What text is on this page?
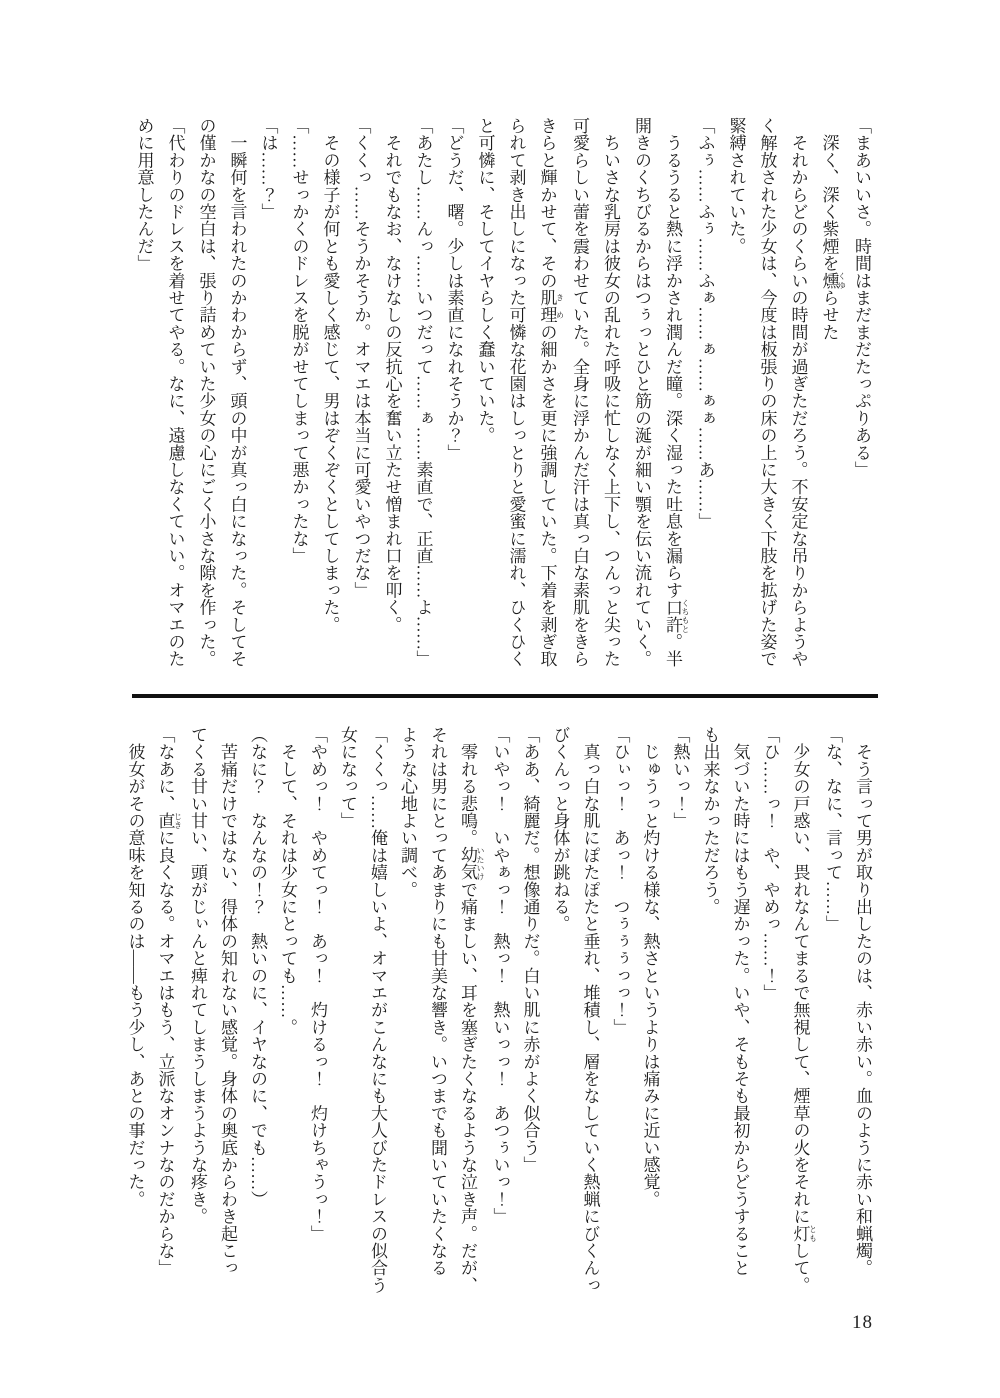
「まあいいさ。時間はまだまだたっぷりある」

　深く、深く紫煙を燻 くゆらせた

　それからどのくらいの時間が過ぎただろう。不安定な吊りからようや

く解放された少女は、今度は板張りの床の上に大きく下肢を拡げた姿で

緊縛されていた。

「ふぅ……ふぅ……ふぁ……ぁ……ぁぁ……あ……」

　うるうると熱に浮かされ潤んだ瞳。深く湿った吐息を漏らす口許 くちもと。半

開きのくちびるからはつぅっとひと筋の涎が細い顎を伝い流れていく。

　ちいさな乳房は彼女の乱れた呼吸に忙しなく上下し、つんっと尖った

可愛らしい蕾を震わせていた。全身に浮かんだ汗は真っ白な素肌をきら

きらと輝かせて、その肌理 きめの細かさを更に強調していた。下着を剥ぎ取

られて剥き出しになった可憐な花園はしっとりと愛蜜に濡れ、ひくひく

と可憐に、そしてイヤらしく蠢いていた。

「どうだ、曙。少しは素直になれそうか？」

「あたし……んっ……いつだって……ぁ……素直で、正直……よ……」

　それでもなお、なけなしの反抗心を奮い立たせ憎まれ口を叩く。

「くくっ……そうかそうか。オマエは本当に可愛いやつだな」

　その様子が何とも愛しく感じて、男はぞくぞくとしてしまった。

「……せっかくのドレスを脱がせてしまって悪かったな」

「は……？」

　一瞬何を言われたのかわからず、頭の中が真っ白になった。そしてそ

の僅かなの空白は、張り詰めていた少女の心にごく小さな隙を作った。

「代わりのドレスを着せてやる。なに、遠慮しなくていい。オマエのた

めに用意したんだ」

　そう言って男が取り出したのは、赤い赤い。血のように赤い和蝋燭。

「な、なに、言って……」

　少女の戸惑い、畏れなんてまるで無視して、煙草の火をそれに灯 ともして。

「ひ……っ！　や、やめっ……！」

　気づいた時にはもう遅かった。いや、そもそも最初からどうすること

も出来なかっただろう。

「熱いっ！」

　じゅうっと灼ける様な、熱さというよりは痛みに近い感覚。

「ひぃっ！　あっ！　つぅぅぅっっ！」

　真っ白な肌にぽたぽたと垂れ、堆積し、層をなしていく熱蝋にびくんっ

びくんっと身体が跳ねる。

「ああ、綺麗だ。想像通りだ。白い肌に赤がよく似合う」

「いやっ！　いやぁっ！　熱っ！　熱いっっ！　あつぅいっ！」

　零れる悲鳴。幼気 いたいけで痛ましい、耳を塞ぎたくなるような泣き声。だが、

それは男にとってあまりにも甘美な響き。いつまでも聞いていたくなる

ような心地よい調べ。

「くくっ……俺は嬉しいよ、オマエがこんなにも大人びたドレスの似合う

女になって」

「やめっ！　やめてっ！　あっ！　灼けるっ！　灼けちゃうっ！」

　そして、それは少女にとっても……。

（なに？　なんなの！？　熱いのに、イヤなのに、でも……）

　苦痛だけではない、得体の知れない感覚。身体の奥底からわき起こっ

てくる甘い甘い、頭がじぃんと痺れてしまうしまうような疼き。

「なあに、直 じきに良くなる。オマエはもう、立派なオンナなのだからな」

　彼女がその意味を知るのは――もう少し、あとの事だった。

18
